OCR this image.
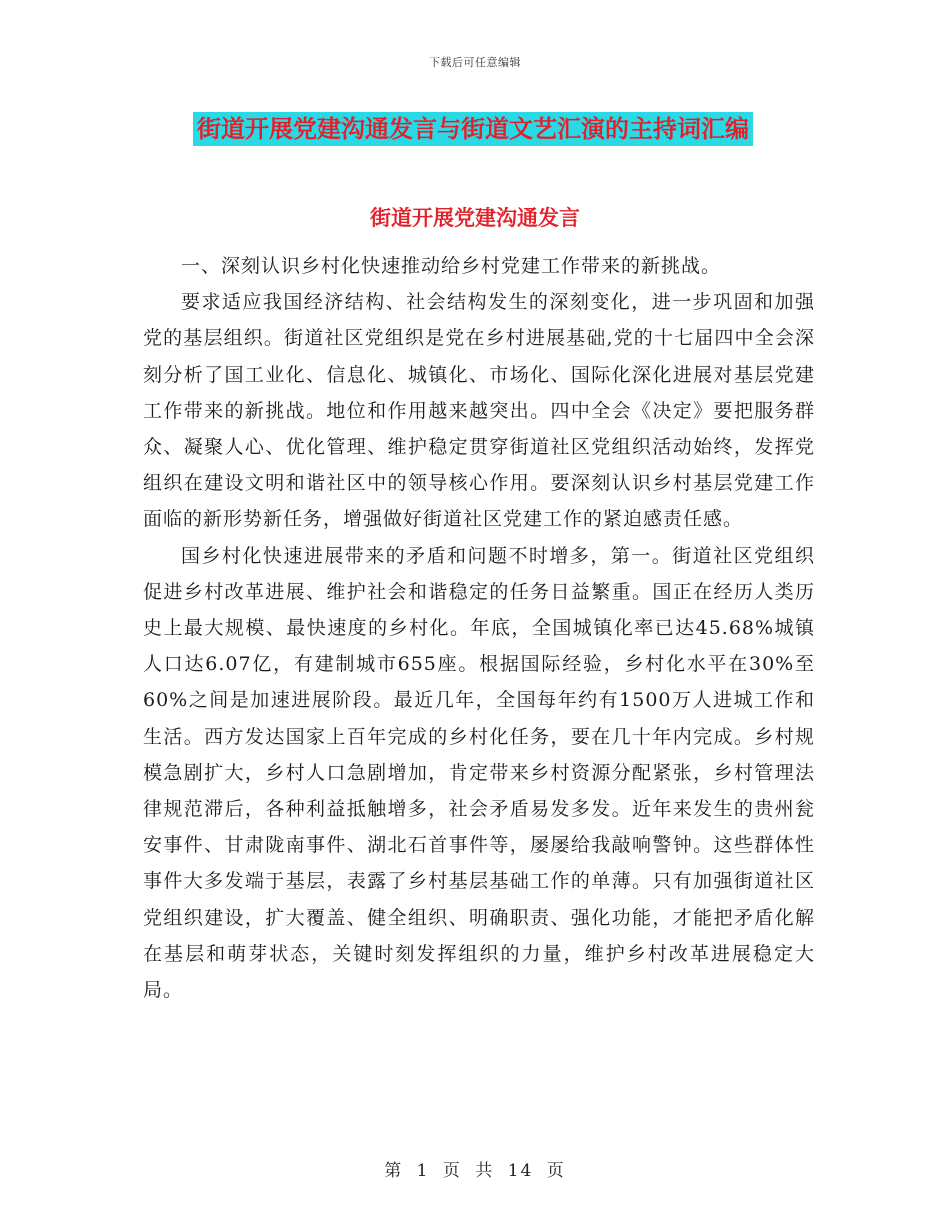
下载后可任意编辑
街道开展党建沟通发言与街道文艺汇演的主持词汇编
街道开展党建沟通发言

一、深刻认识乡村化快速推动给乡村党建工作带来的新挑战。

要求适应我国经济结构、社会结构发生的深刻变化，进一步巩固和加强党的基层组织。街道社区党组织是党在乡村进展基础,党的十七届四中全会深刻分析了国工业化、信息化、城镇化、市场化、国际化深化进展对基层党建工作带来的新挑战。地位和作用越来越突出。四中全会《决定》要把服务群众、凝聚人心、优化管理、维护稳定贯穿街道社区党组织活动始终，发挥党组织在建设文明和谐社区中的领导核心作用。要深刻认识乡村基层党建工作面临的新形势新任务，增强做好街道社区党建工作的紧迫感责任感。

国乡村化快速进展带来的矛盾和问题不时增多，第一。街道社区党组织促进乡村改革进展、维护社会和谐稳定的任务日益繁重。国正在经历人类历史上最大规模、最快速度的乡村化。年底，全国城镇化率已达45.68%城镇人口达6.07亿，有建制城市655座。根据国际经验，乡村化水平在30%至60%之间是加速进展阶段。最近几年，全国每年约有1500万人进城工作和生活。西方发达国家上百年完成的乡村化任务，要在几十年内完成。乡村规模急剧扩大，乡村人口急剧增加，肯定带来乡村资源分配紧张，乡村管理法律规范滞后，各种利益抵触增多，社会矛盾易发多发。近年来发生的贵州瓮安事件、甘肃陇南事件、湖北石首事件等，屡屡给我敲响警钟。这些群体性事件大多发端于基层，表露了乡村基层基础工作的单薄。只有加强街道社区党组织建设，扩大覆盖、健全组织、明确职责、强化功能，才能把矛盾化解在基层和萌芽状态，关键时刻发挥组织的力量，维护乡村改革进展稳定大局。

第 1 页 共 14 页
